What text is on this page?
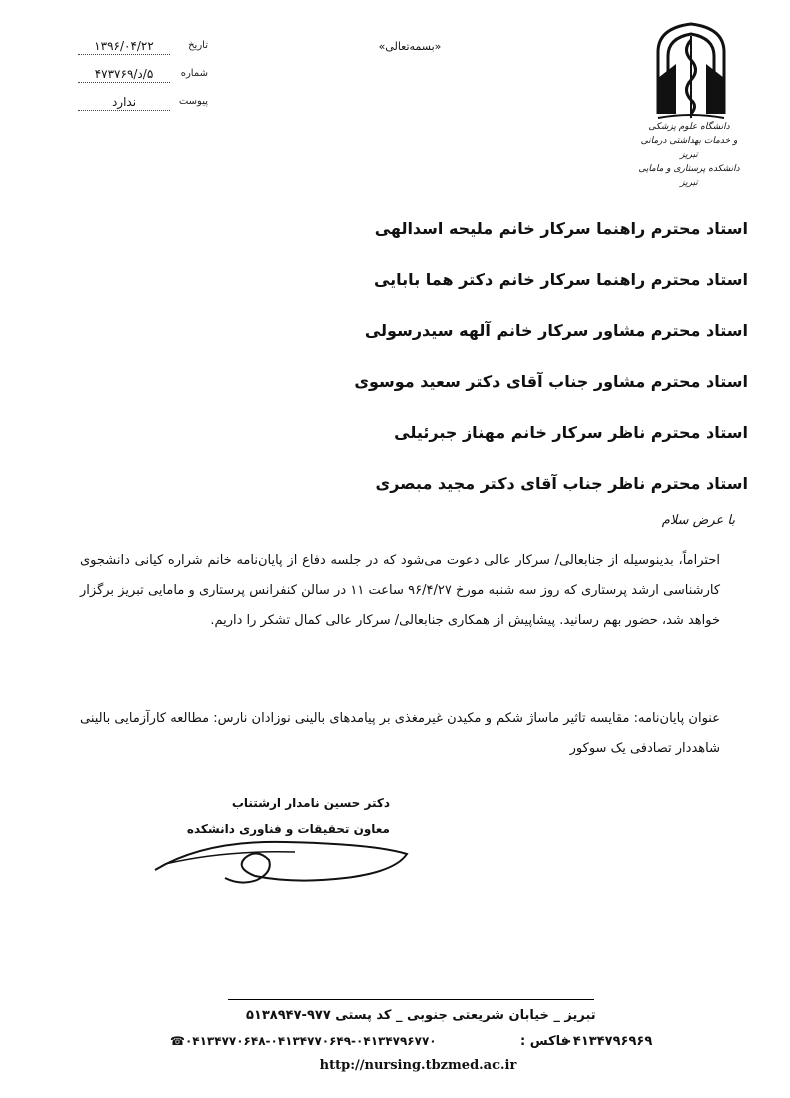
تاریخ
۱۳۹۶/۰۴/۲۲
شماره
۵/د/۴۷۳۷۶۹
پیوست
ندارد
«بسمه‌تعالی»
دانشگاه علوم پزشکی
و خدمات بهداشتی درمانی تبریز
دانشکده پرستاری و مامایی تبریز
استاد محترم راهنما سرکار خانم ملیحه اسدالهی
استاد محترم راهنما سرکار خانم دکتر هما بابایی
استاد محترم مشاور سرکار خانم آلهه سیدرسولی
استاد محترم مشاور جناب آقای دکتر سعید موسوی
استاد محترم ناظر سرکار خانم مهناز جبرئیلی
استاد محترم ناظر جناب آقای دکتر مجید مبصری
با عرض سلام
احتراماً، بدینوسیله از جنابعالی/ سرکار عالی دعوت می‌شود که در جلسه دفاع از پایان‌نامه خانم شراره کیانی دانشجوی کارشناسی ارشد پرستاری که روز سه شنبه مورخ ۹۶/۴/۲۷ ساعت ۱۱ در سالن کنفرانس پرستاری و مامایی تبریز برگزار خواهد شد، حضور بهم رسانید. پیشاپیش از همکاری جنابعالی/ سرکار عالی کمال تشکر را داریم.
عنوان پایان‌نامه: مقایسه تاثیر ماساژ شکم و مکیدن غیرمغذی بر پیامدهای بالینی نوزادان نارس: مطالعه کارآزمایی بالینی شاهددار تصادفی یک سوکور
دکتر حسین نامدار ارشتناب
معاون تحقیقات و فناوری دانشکده
تبریز _ خیابان شریعتی جنوبی _ کد پستی ۹۷۷-۵۱۳۸۹۴۷
☎۰۴۱۳۴۷۷۰۶۴۸-۰۴۱۳۴۷۷۰۶۴۹-۰۴۱۳۴۷۹۶۷۷۰	فاکس :
۰۴۱۳۴۷۹۶۹۶۹
http://nursing.tbzmed.ac.ir
